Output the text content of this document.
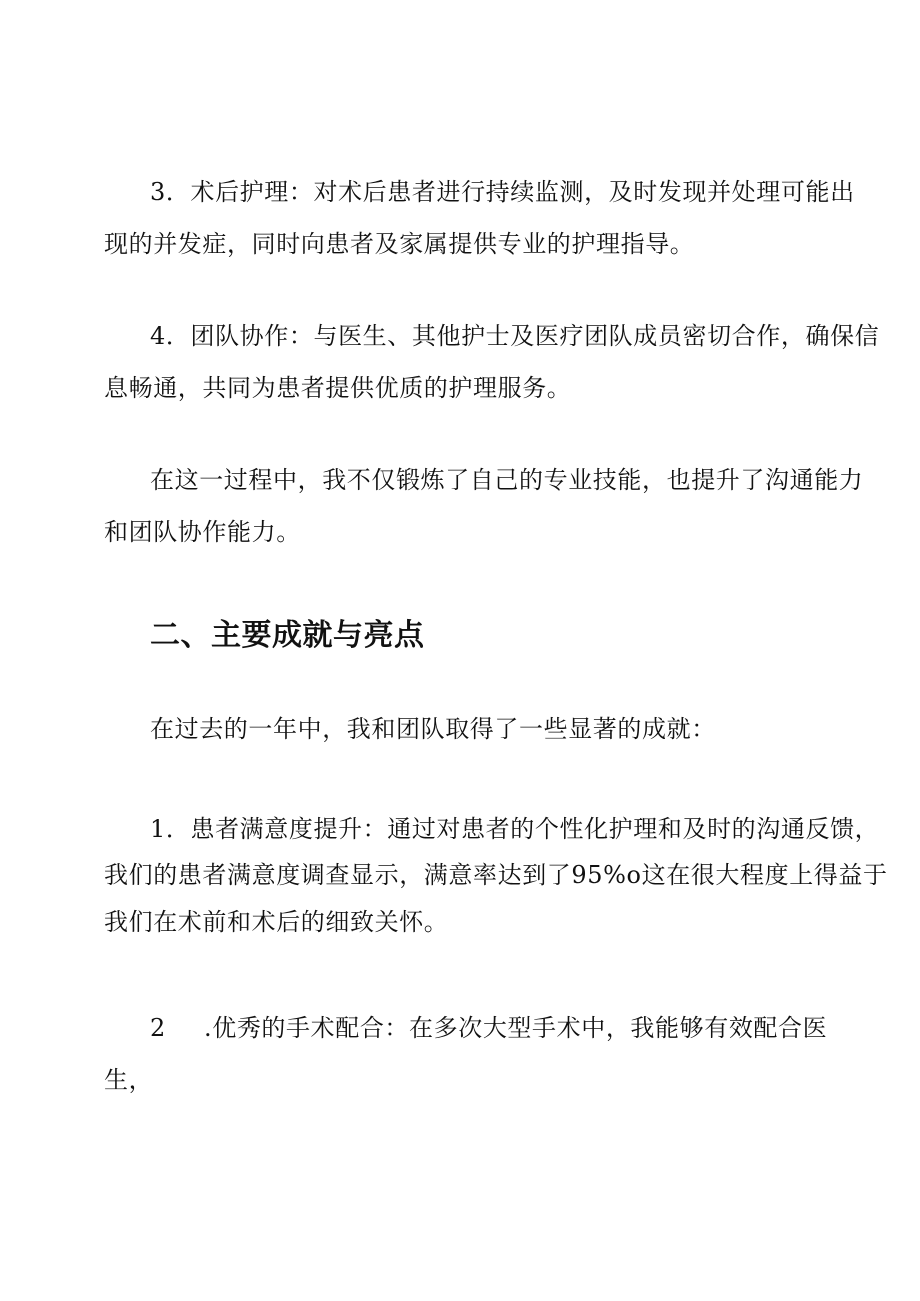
3．术后护理：对术后患者进行持续监测，及时发现并处理可能出
现的并发症，同时向患者及家属提供专业的护理指导。
4．团队协作：与医生、其他护士及医疗团队成员密切合作，确保信
息畅通，共同为患者提供优质的护理服务。
在这一过程中，我不仅锻炼了自己的专业技能，也提升了沟通能力
和团队协作能力。
二、主要成就与亮点
在过去的一年中，我和团队取得了一些显著的成就：
1．患者满意度提升：通过对患者的个性化护理和及时的沟通反馈，
我们的患者满意度调查显示，满意率达到了95%o这在很大程度上得益于
我们在术前和术后的细致关怀。
2 .优秀的手术配合：在多次大型手术中，我能够有效配合医
生，
